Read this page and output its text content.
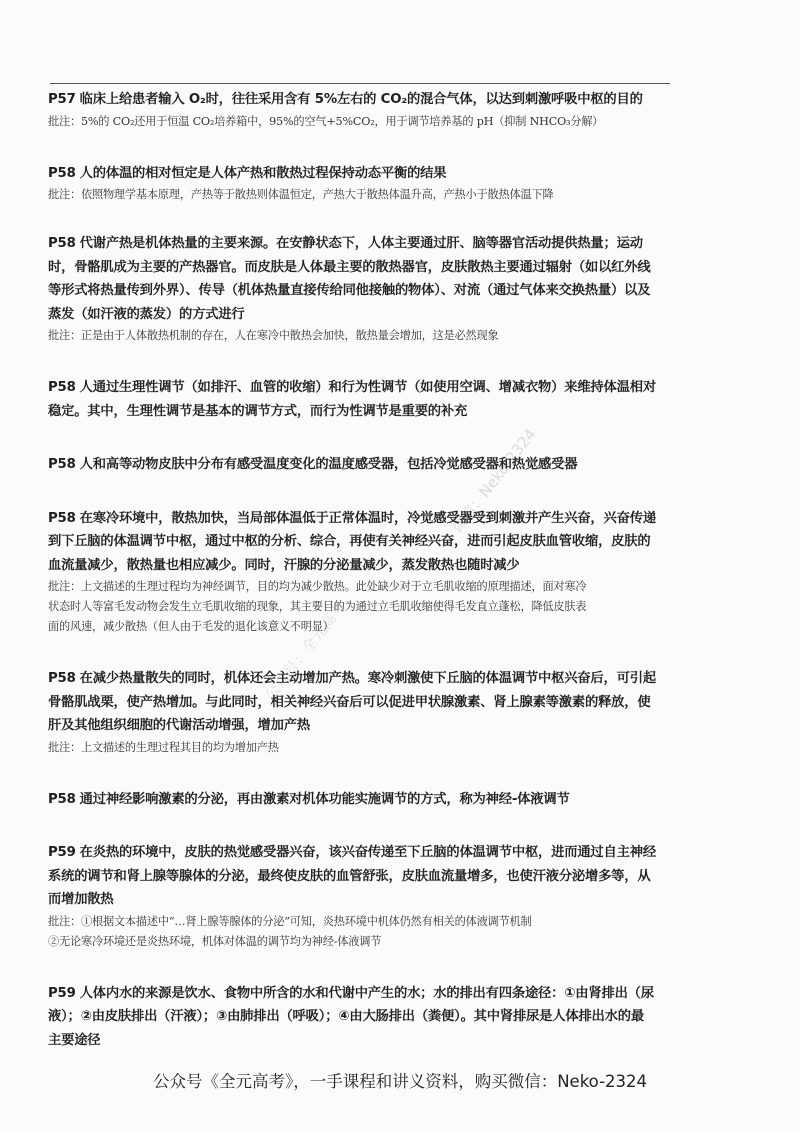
微信：Neko-2324
公众号：全元高考
P57 临床上给患者输入 O₂时，往往采用含有 5%左右的 CO₂的混合气体，以达到刺激呼吸中枢的目的
批注：5%的 CO₂还用于恒温 CO₂培养箱中，95%的空气+5%CO₂，用于调节培养基的 pH（抑制 NHCO₃分解）
P58 人的体温的相对恒定是人体产热和散热过程保持动态平衡的结果
批注：依照物理学基本原理，产热等于散热则体温恒定，产热大于散热体温升高，产热小于散热体温下降
P58 代谢产热是机体热量的主要来源。在安静状态下，人体主要通过肝、脑等器官活动提供热量；运动
时，骨骼肌成为主要的产热器官。而皮肤是人体最主要的散热器官，皮肤散热主要通过辐射（如以红外线
等形式将热量传到外界）、传导（机体热量直接传给同他接触的物体）、对流（通过气体来交换热量）以及
蒸发（如汗液的蒸发）的方式进行
批注：正是由于人体散热机制的存在，人在寒冷中散热会加快，散热量会增加，这是必然现象
P58 人通过生理性调节（如排汗、血管的收缩）和行为性调节（如使用空调、增减衣物）来维持体温相对
稳定。其中，生理性调节是基本的调节方式，而行为性调节是重要的补充
P58 人和高等动物皮肤中分布有感受温度变化的温度感受器，包括冷觉感受器和热觉感受器
P58 在寒冷环境中，散热加快，当局部体温低于正常体温时，冷觉感受器受到刺激并产生兴奋，兴奋传递
到下丘脑的体温调节中枢，通过中枢的分析、综合，再使有关神经兴奋，进而引起皮肤血管收缩，皮肤的
血流量减少，散热量也相应减少。同时，汗腺的分泌量减少，蒸发散热也随时减少
批注：上文描述的生理过程均为神经调节，目的均为减少散热。此处缺少对于立毛肌收缩的原理描述，面对寒冷
状态时人等富毛发动物会发生立毛肌收缩的现象，其主要目的为通过立毛肌收缩使得毛发直立蓬松，降低皮肤表
面的风速，减少散热（但人由于毛发的退化该意义不明显）
P58 在减少热量散失的同时，机体还会主动增加产热。寒冷刺激使下丘脑的体温调节中枢兴奋后，可引起
骨骼肌战栗，使产热增加。与此同时，相关神经兴奋后可以促进甲状腺激素、肾上腺素等激素的释放，使
肝及其他组织细胞的代谢活动增强，增加产热
批注：上文描述的生理过程其目的均为增加产热
P58 通过神经影响激素的分泌，再由激素对机体功能实施调节的方式，称为神经-体液调节
P59 在炎热的环境中，皮肤的热觉感受器兴奋，该兴奋传递至下丘脑的体温调节中枢，进而通过自主神经
系统的调节和肾上腺等腺体的分泌，最终使皮肤的血管舒张，皮肤血流量增多，也使汗液分泌增多等，从
而增加散热
批注：①根据文本描述中“…肾上腺等腺体的分泌”可知，炎热环境中机体仍然有相关的体液调节机制
②无论寒冷环境还是炎热环境，机体对体温的调节均为神经-体液调节
P59 人体内水的来源是饮水、食物中所含的水和代谢中产生的水；水的排出有四条途径：①由肾排出（尿
液）；②由皮肤排出（汗液）；③由肺排出（呼吸）；④由大肠排出（粪便）。其中肾排尿是人体排出水的最
主要途径
公众号《全元高考》，一手课程和讲义资料，购买微信：Neko-2324
